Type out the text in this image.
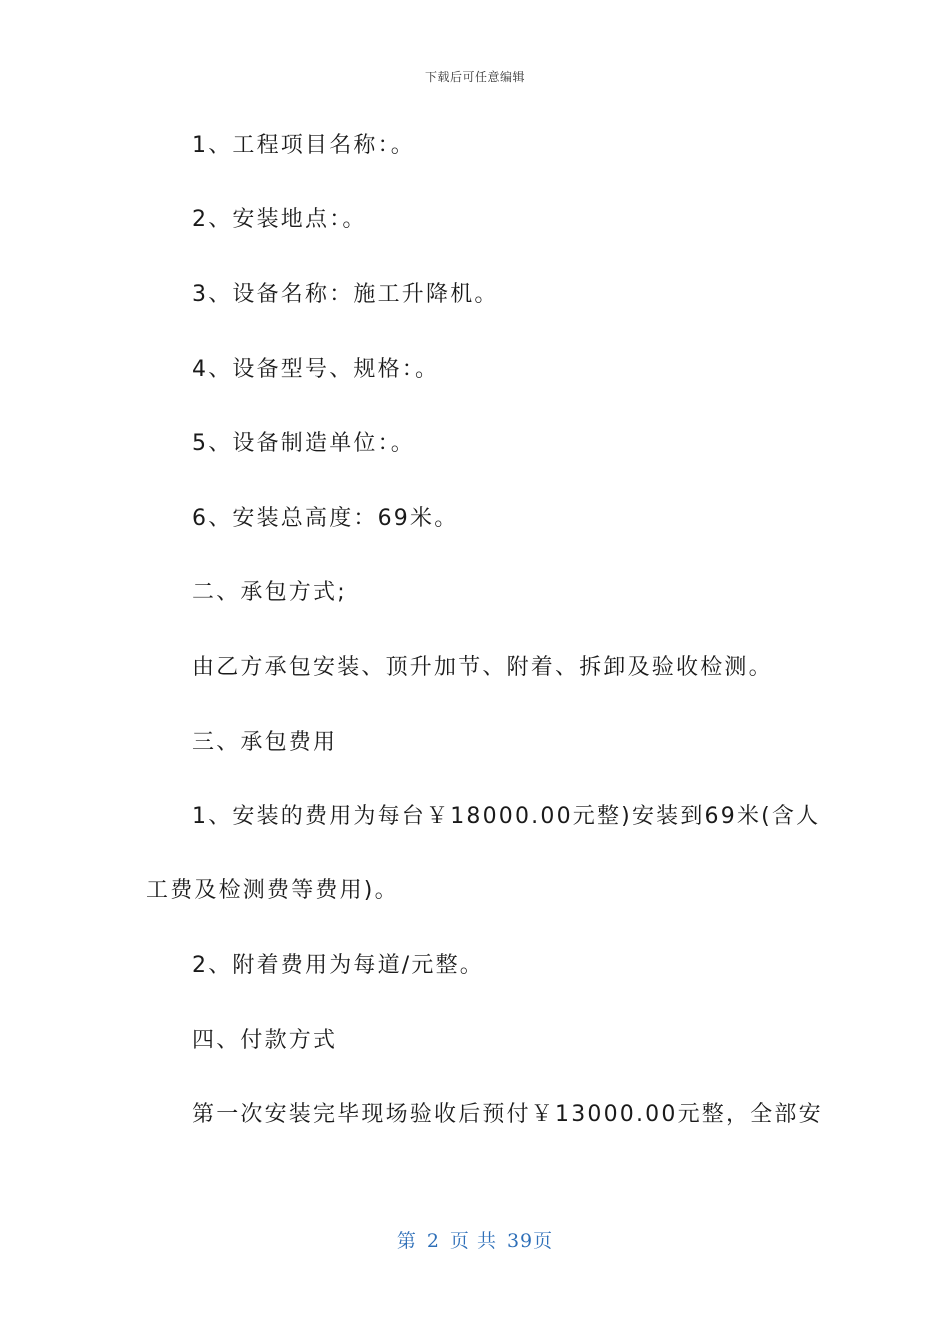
下载后可任意编辑
1、工程项目名称：。
2、安装地点：。
3、设备名称：施工升降机。
4、设备型号、规格：。
5、设备制造单位：。
6、安装总高度：69米。
二、承包方式;
由乙方承包安装、顶升加节、附着、拆卸及验收检测。
三、承包费用
1、安装的费用为每台￥18000.00元整)安装到69米(含人
工费及检测费等费用)。
2、附着费用为每道/元整。
四、付款方式
第一次安装完毕现场验收后预付￥13000.00元整，全部安
第 2 页 共 39页
